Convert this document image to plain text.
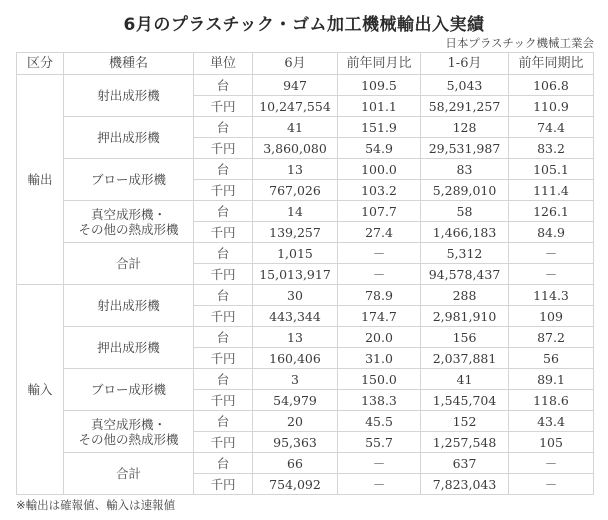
6月のプラスチック・ゴム加工機械輸出入実績
日本プラスチック機械工業会
区分	機種名	単位	6月	前年同月比	1-6月	前年同期比
輸出	射出成形機	台	947	109.5	5,043	106.8
		千円	10,247,554	101.1	58,291,257	110.9

	押出成形機	台	41	151.9	128	74.4
		千円	3,860,080	54.9	29,531,987	83.2

	ブロー成形機	台	13	100.0	83	105.1
		千円	767,026	103.2	5,289,010	111.4

	真空成形機・
その他の熱成形機	台	14	107.7	58	126.1
		千円	139,257	27.4	1,466,183	84.9

	合計	台	1,015	－	5,312	－
		千円	15,013,917	－	94,578,437	－
輸入	射出成形機	台	30	78.9	288	114.3
		千円	443,344	174.7	2,981,910	109

	押出成形機	台	13	20.0	156	87.2
		千円	160,406	31.0	2,037,881	56

	ブロー成形機	台	3	150.0	41	89.1
		千円	54,979	138.3	1,545,704	118.6

	真空成形機・
その他の熱成形機	台	20	45.5	152	43.4
		千円	95,363	55.7	1,257,548	105

	合計	台	66	－	637	－
		千円	754,092	－	7,823,043	－
※輸出は確報値、輸入は速報値
